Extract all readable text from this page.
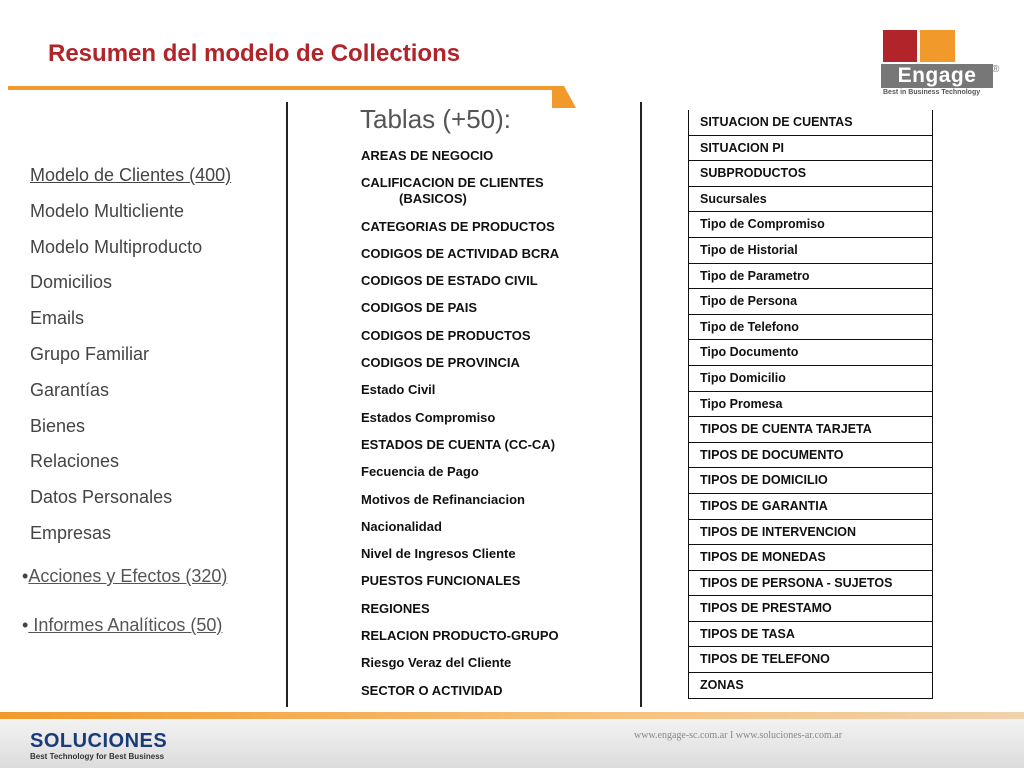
Resumen del modelo de Collections
Engage	®
Best in Business Technology
Modelo de Clientes (400)
Modelo Multicliente
Modelo Multiproducto
Domicilios
Emails
Grupo Familiar
Garantías
Bienes
Relaciones
Datos Personales
Empresas
•Acciones y Efectos (320)
• Informes Analíticos (50)
Tablas (+50):
AREAS DE NEGOCIO
CALIFICACION DE CLIENTES
(BASICOS)
CATEGORIAS DE PRODUCTOS
CODIGOS DE ACTIVIDAD BCRA
CODIGOS DE ESTADO CIVIL
CODIGOS DE PAIS
CODIGOS DE PRODUCTOS
CODIGOS DE PROVINCIA
Estado Civil
Estados Compromiso
ESTADOS DE CUENTA (CC-CA)
Fecuencia de Pago
Motivos de Refinanciacion
Nacionalidad
Nivel de Ingresos Cliente
PUESTOS FUNCIONALES
REGIONES
RELACION PRODUCTO-GRUPO
Riesgo Veraz del Cliente
SECTOR O ACTIVIDAD
SITUACION DE CUENTAS
SITUACION PI
SUBPRODUCTOS
Sucursales
Tipo de Compromiso
Tipo de Historial
Tipo de Parametro
Tipo de Persona
Tipo de Telefono
Tipo Documento
Tipo Domicilio
Tipo Promesa
TIPOS DE CUENTA TARJETA
TIPOS DE DOCUMENTO
TIPOS DE DOMICILIO
TIPOS DE GARANTIA
TIPOS DE INTERVENCION
TIPOS DE MONEDAS
TIPOS DE PERSONA - SUJETOS
TIPOS DE PRESTAMO
TIPOS DE TASA
TIPOS DE TELEFONO
ZONAS
SOLUCIONES
Best Technology for Best Business
www.engage-sc.com.ar I www.soluciones-ar.com.ar
